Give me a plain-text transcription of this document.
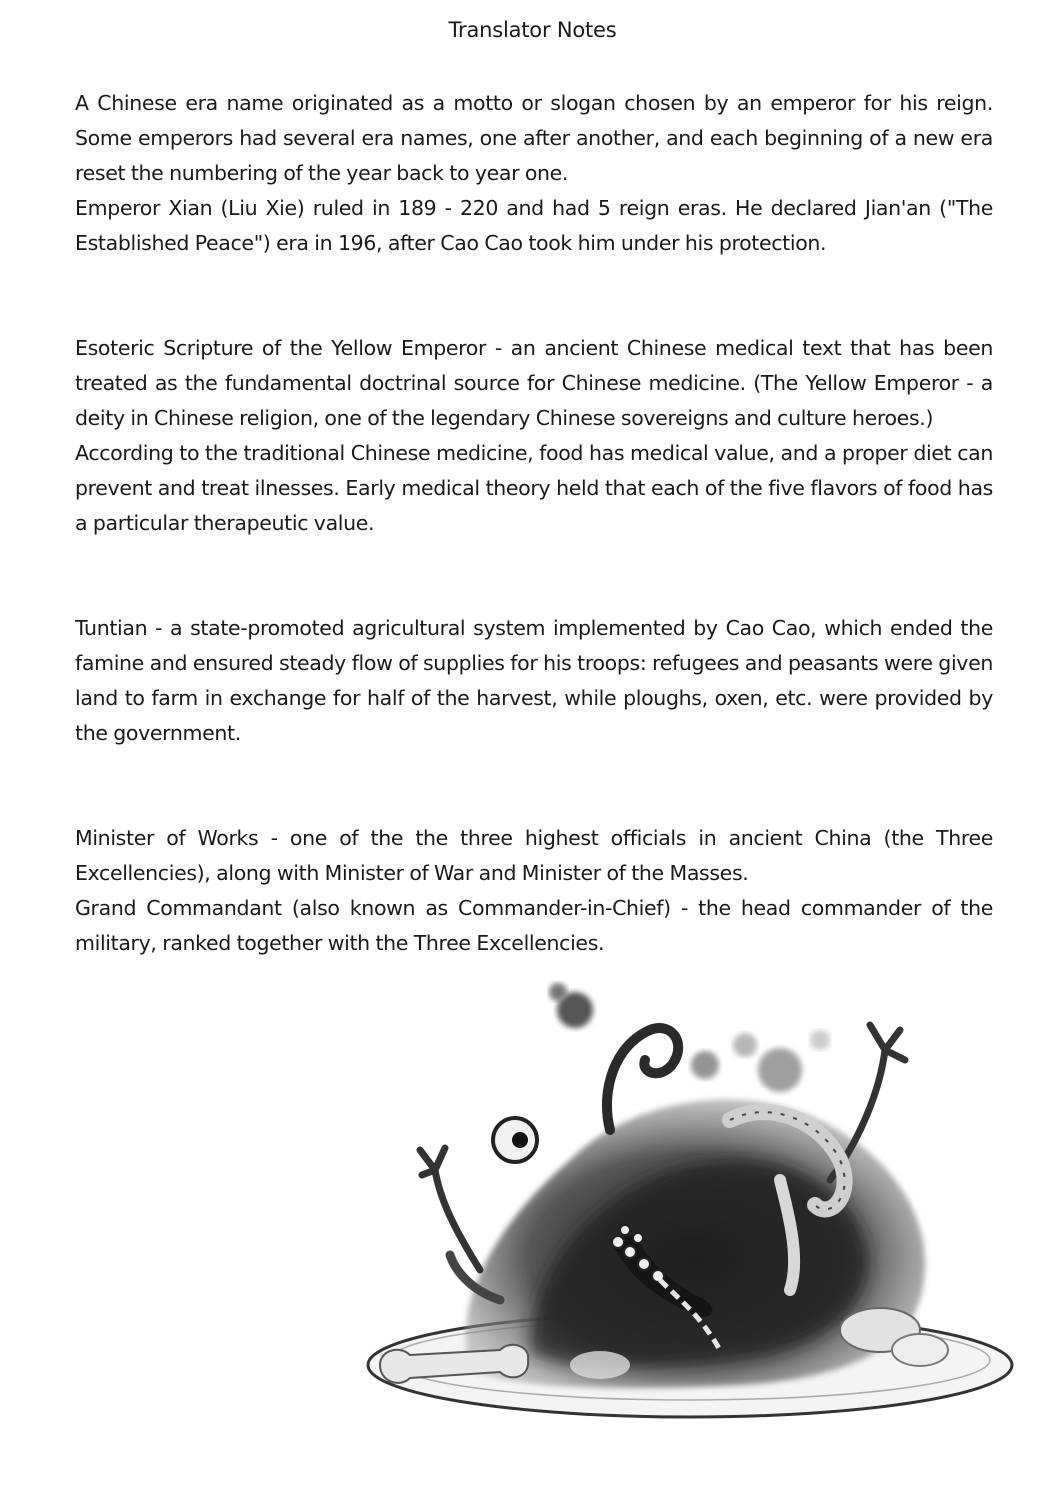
Translator Notes

A Chinese era name originated as a motto or slogan chosen by an emperor for his reign. Some emperors had several era names, one after another, and each beginning of a new era reset the numbering of the year back to year one.

Emperor Xian (Liu Xie) ruled in 189 - 220 and had 5 reign eras. He declared Jian'an ("The Established Peace") era in 196, after Cao Cao took him under his protection.

Esoteric Scripture of the Yellow Emperor - an ancient Chinese medical text that has been treated as the fundamental doctrinal source for Chinese medicine. (The Yellow Emperor - a deity in Chinese religion, one of the legendary Chinese sovereigns and culture heroes.)

According to the traditional Chinese medicine, food has medical value, and a proper diet can prevent and treat ilnesses. Early medical theory held that each of the five flavors of food has a particular therapeutic value.

Tuntian - a state-promoted agricultural system implemented by Cao Cao, which ended the famine and ensured steady flow of supplies for his troops: refugees and peasants were given land to farm in exchange for half of the harvest, while ploughs, oxen, etc. were provided by the government.

Minister of Works - one of the the three highest officials in ancient China (the Three Excellencies), along with Minister of War and Minister of the Masses.

Grand Commandant (also known as Commander-in-Chief) - the head commander of the military, ranked together with the Three Excellencies.
